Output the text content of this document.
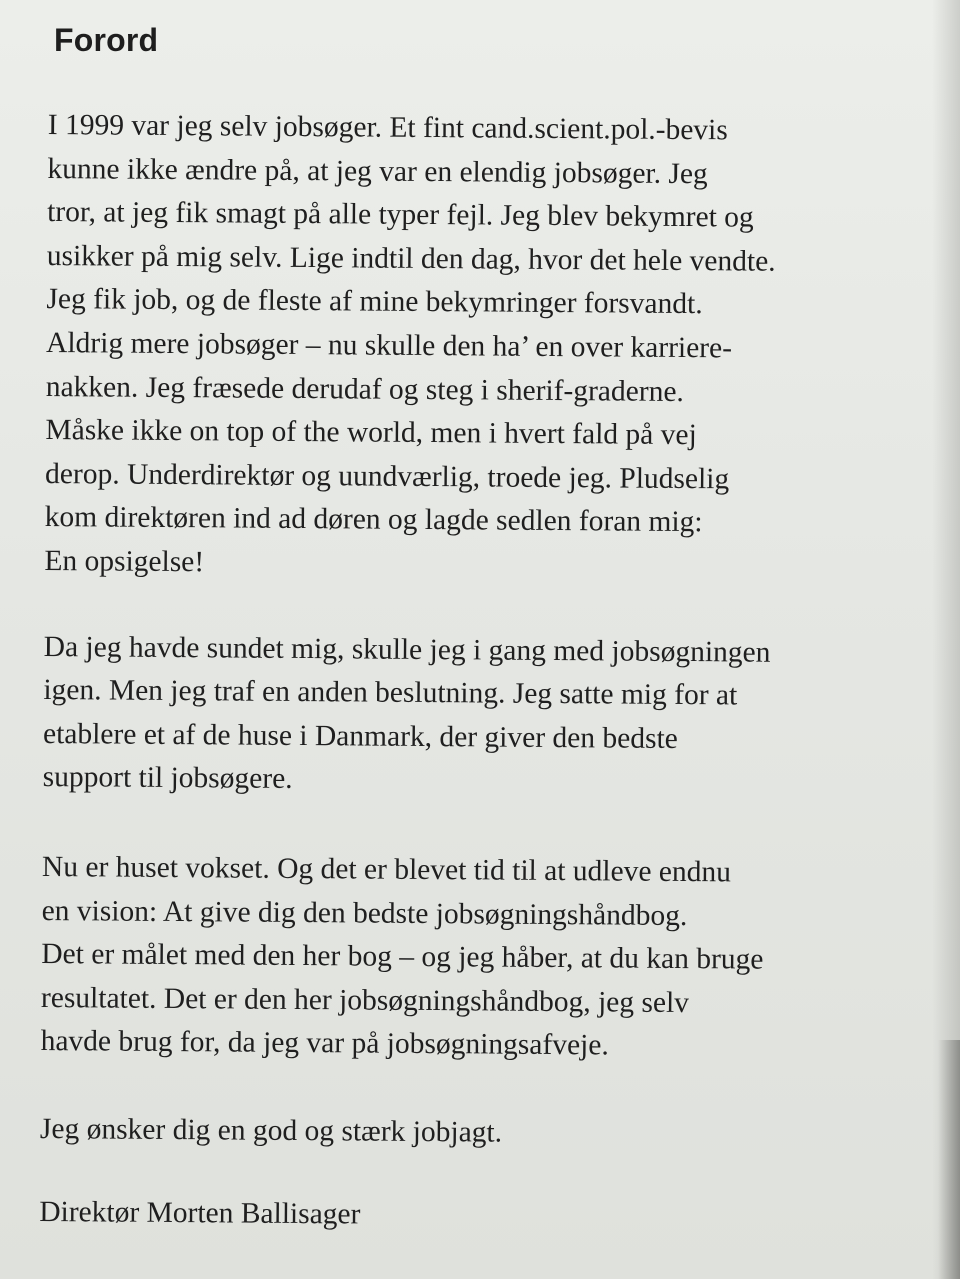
Forord

I 1999 var jeg selv jobsøger. Et fint cand.scient.pol.-bevis
kunne ikke ændre på, at jeg var en elendig jobsøger. Jeg
tror, at jeg fik smagt på alle typer fejl. Jeg blev bekymret og
usikker på mig selv. Lige indtil den dag, hvor det hele vendte.
Jeg fik job, og de fleste af mine bekymringer forsvandt.
Aldrig mere jobsøger – nu skulle den ha’ en over karriere-
nakken. Jeg fræsede derudaf og steg i sherif-graderne.
Måske ikke on top of the world, men i hvert fald på vej
derop. Underdirektør og uundværlig, troede jeg. Pludselig
kom direktøren ind ad døren og lagde sedlen foran mig:
En opsigelse!

Da jeg havde sundet mig, skulle jeg i gang med jobsøgningen
igen. Men jeg traf en anden beslutning. Jeg satte mig for at
etablere et af de huse i Danmark, der giver den bedste
support til jobsøgere.

Nu er huset vokset. Og det er blevet tid til at udleve endnu
en vision: At give dig den bedste jobsøgningshåndbog.
Det er målet med den her bog – og jeg håber, at du kan bruge
resultatet. Det er den her jobsøgningshåndbog, jeg selv
havde brug for, da jeg var på jobsøgningsafveje.

Jeg ønsker dig en god og stærk jobjagt.

Direktør Morten Ballisager
